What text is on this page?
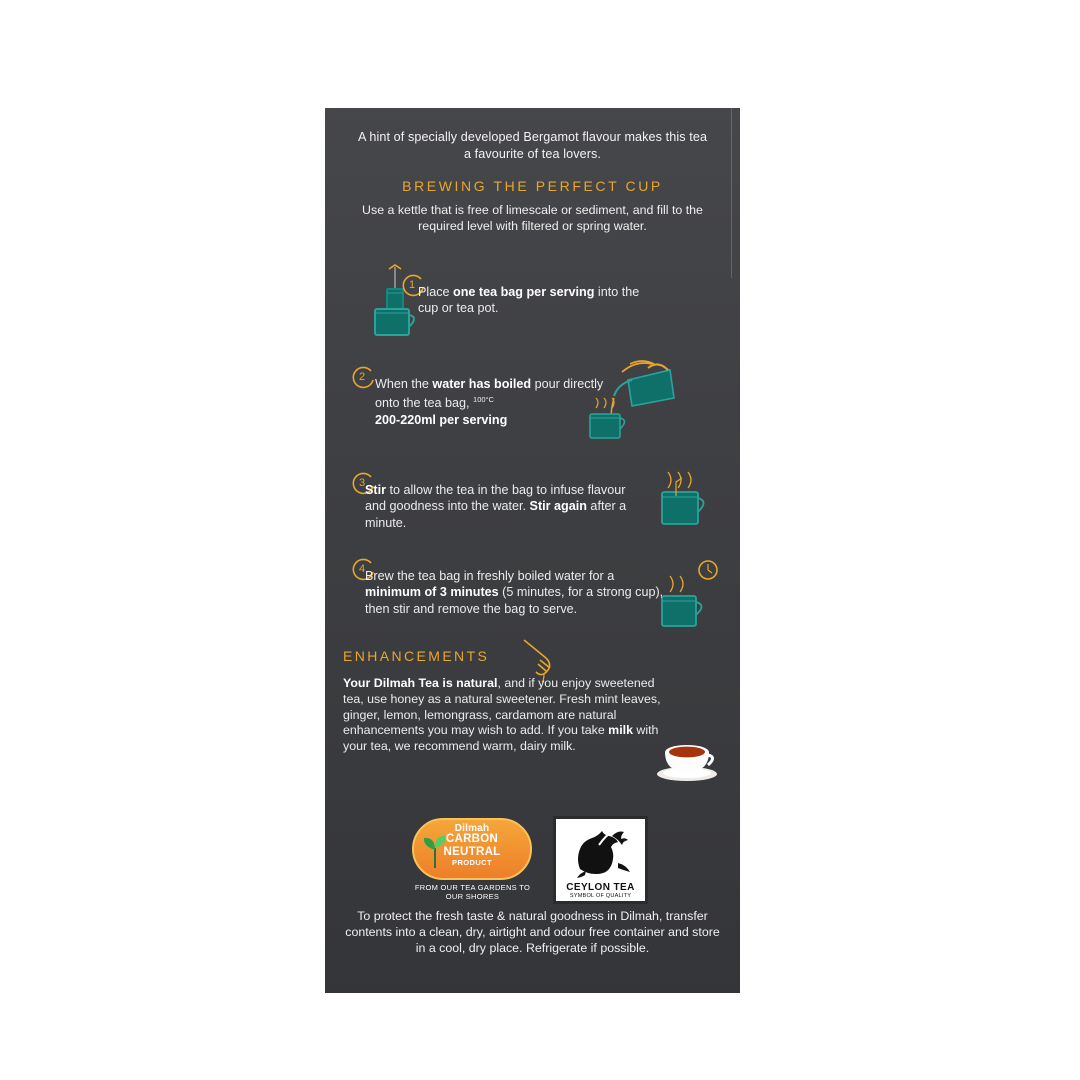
A hint of specially developed Bergamot flavour makes this tea a favourite of tea lovers.
BREWING THE PERFECT CUP
Use a kettle that is free of limescale or sediment, and fill to the required level with filtered or spring water.
1 Place one tea bag per serving into the cup or tea pot.
2 When the water has boiled pour directly onto the tea bag, $^{100^\circ C}$
200-220ml per serving
3 Stir to allow the tea in the bag to infuse flavour and goodness into the water. Stir again after a minute.
4 Brew the tea bag in freshly boiled water for a minimum of 3 minutes (5 minutes, for a strong cup), then stir and remove the bag to serve.
ENHANCEMENTS
Your Dilmah Tea is natural, and if you enjoy sweetened tea, use honey as a natural sweetener. Fresh mint leaves, ginger, lemon, lemongrass, cardamom are natural enhancements you may wish to add. If you take milk with your tea, we recommend warm, dairy milk.
Dilmah
CARBON
NEUTRAL
PRODUCT
FROM OUR TEA GARDENS TO OUR SHORES
CEYLON TEA
SYMBOL OF QUALITY
To protect the fresh taste & natural goodness in Dilmah, transfer contents into a clean, dry, airtight and odour free container and store in a cool, dry place. Refrigerate if possible.
